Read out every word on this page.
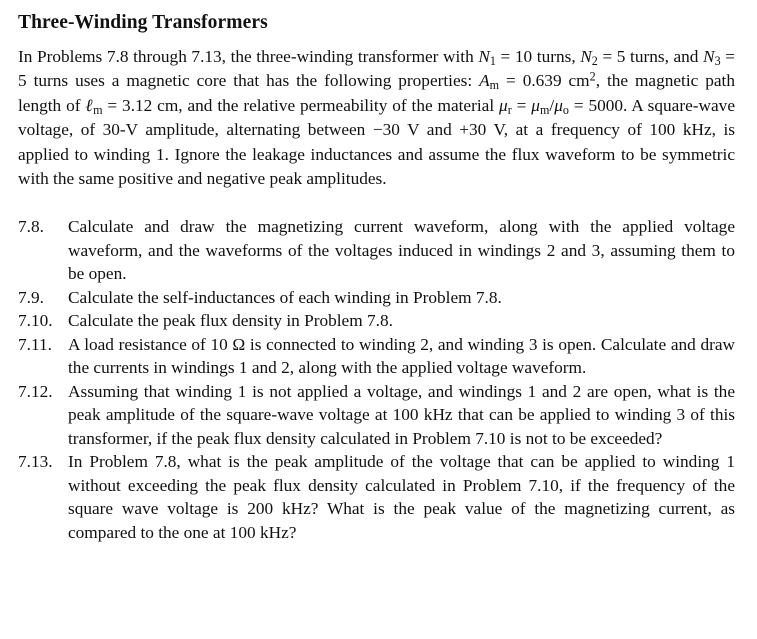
Three-Winding Transformers

In Problems 7.8 through 7.13, the three-winding transformer with $N_1 = 10$ turns, $N_2 = 5$ turns, and $N_3 = 5$ turns uses a magnetic core that has the following properties: $A_m = 0.639$ $cm^2$, the magnetic path length of ℓ$_m$ = 3.12 cm, and the relative permeability of the material $\mu_r = \mu_m/\mu_o = 5000$. A square-wave voltage, of 30-V amplitude, alternating between −30 V and +30 V, at a frequency of 100 kHz, is applied to winding 1. Ignore the leakage inductances and assume the flux waveform to be symmetric with the same positive and negative peak amplitudes.

7.8.	Calculate and draw the magnetizing current waveform, along with the applied voltage waveform, and the waveforms of the voltages induced in windings 2 and 3, assuming them to be open.
7.9.	Calculate the self-inductances of each winding in Problem 7.8.
7.10. Calculate the peak flux density in Problem 7.8.
7.11. A load resistance of 10 Ω is connected to winding 2, and winding 3 is open. Calculate and draw the currents in windings 1 and 2, along with the applied voltage waveform.
7.12. Assuming that winding 1 is not applied a voltage, and windings 1 and 2 are open, what is the peak amplitude of the square-wave voltage at 100 kHz that can be applied to winding 3 of this transformer, if the peak flux density calculated in Problem 7.10 is not to be exceeded?
7.13. In Problem 7.8, what is the peak amplitude of the voltage that can be applied to winding 1 without exceeding the peak flux density calculated in Problem 7.10, if the frequency of the square wave voltage is 200 kHz? What is the peak value of the magnetizing current, as compared to the one at 100 kHz?
